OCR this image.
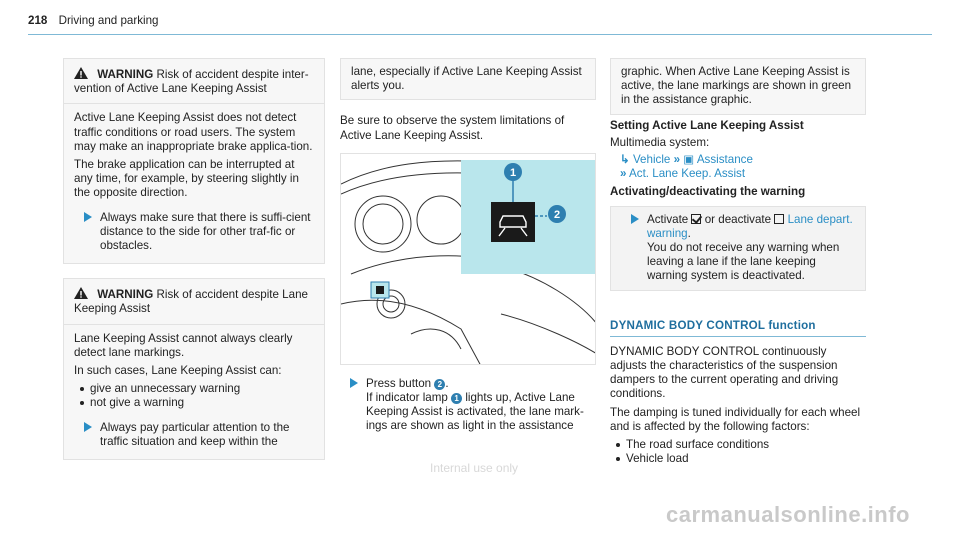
218 Driving and parking
WARNING Risk of accident despite inter-vention of Active Lane Keeping Assist

Active Lane Keeping Assist does not detect traffic conditions or road users. The system may make an inappropriate brake applica-tion.

The brake application can be interrupted at any time, for example, by steering slightly in the opposite direction.

Always make sure that there is suffi-cient distance to the side for other traf-fic or obstacles.
WARNING Risk of accident despite Lane Keeping Assist

Lane Keeping Assist cannot always clearly detect lane markings.

In such cases, Lane Keeping Assist can:

give an unnecessary warning
not give a warning
Always pay particular attention to the traffic situation and keep within the
lane, especially if Active Lane Keeping Assist alerts you.

Be sure to observe the system limitations of Active Lane Keeping Assist.

1
2
Press button 2 .
If indicator lamp 1 lights up, Active Lane Keeping Assist is activated, the lane mark-ings are shown as light in the assistance
graphic. When Active Lane Keeping Assist is active, the lane markings are shown in green in the assistance graphic.

Setting Active Lane Keeping Assist

Multimedia system:

↳ Vehicle » ▣ Assistance
» Act. Lane Keep. Assist

Activating/deactivating the warning

Activate or deactivate Lane depart. warning.
You do not receive any warning when leaving a lane if the lane keeping warning system is deactivated.
DYNAMIC BODY CONTROL function

DYNAMIC BODY CONTROL continuously adjusts the characteristics of the suspension dampers to the current operating and driving conditions.

The damping is tuned individually for each wheel and is affected by the following factors:

The road surface conditions
Vehicle load
Internal use only
carmanualsonline.info
